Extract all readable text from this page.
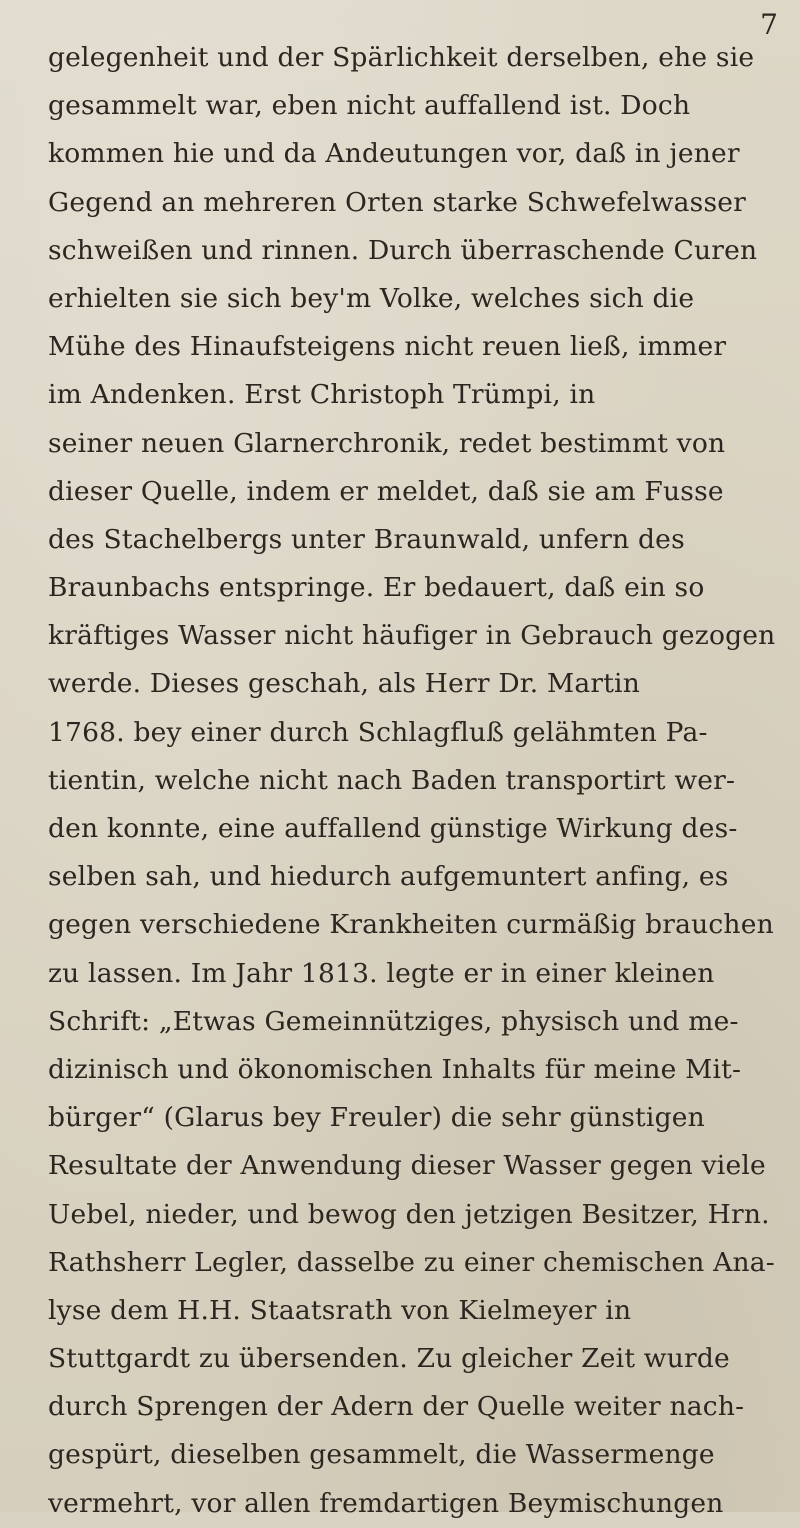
7
gelegenheit und der Spärlichkeit derselben, ehe sie
gesammelt war, eben nicht auffallend ist. Doch
kommen hie und da Andeutungen vor, daß in jener
Gegend an mehreren Orten starke Schwefelwasser
schweißen und rinnen. Durch überraschende Curen
erhielten sie sich bey'm Volke, welches sich die
Mühe des Hinaufsteigens nicht reuen ließ, immer
im Andenken. Erst Christoph Trümpi, in
seiner neuen Glarnerchronik, redet bestimmt von
dieser Quelle, indem er meldet, daß sie am Fusse
des Stachelbergs unter Braunwald, unfern des
Braunbachs entspringe. Er bedauert, daß ein so
kräftiges Wasser nicht häufiger in Gebrauch gezogen
werde. Dieses geschah, als Herr Dr. Martin
1768. bey einer durch Schlagfluß gelähmten Pa-
tientin, welche nicht nach Baden transportirt wer-
den konnte, eine auffallend günstige Wirkung des-
selben sah, und hiedurch aufgemuntert anfing, es
gegen verschiedene Krankheiten curmäßig brauchen
zu lassen. Im Jahr 1813. legte er in einer kleinen
Schrift: „Etwas Gemeinnütziges, physisch und me-
dizinisch und ökonomischen Inhalts für meine Mit-
bürger“ (Glarus bey Freuler) die sehr günstigen
Resultate der Anwendung dieser Wasser gegen viele
Uebel, nieder, und bewog den jetzigen Besitzer, Hrn.
Rathsherr Legler, dasselbe zu einer chemischen Ana-
lyse dem H.H. Staatsrath von Kielmeyer in
Stuttgardt zu übersenden. Zu gleicher Zeit wurde
durch Sprengen der Adern der Quelle weiter nach-
gespürt, dieselben gesammelt, die Wassermenge
vermehrt, vor allen fremdartigen Beymischungen
